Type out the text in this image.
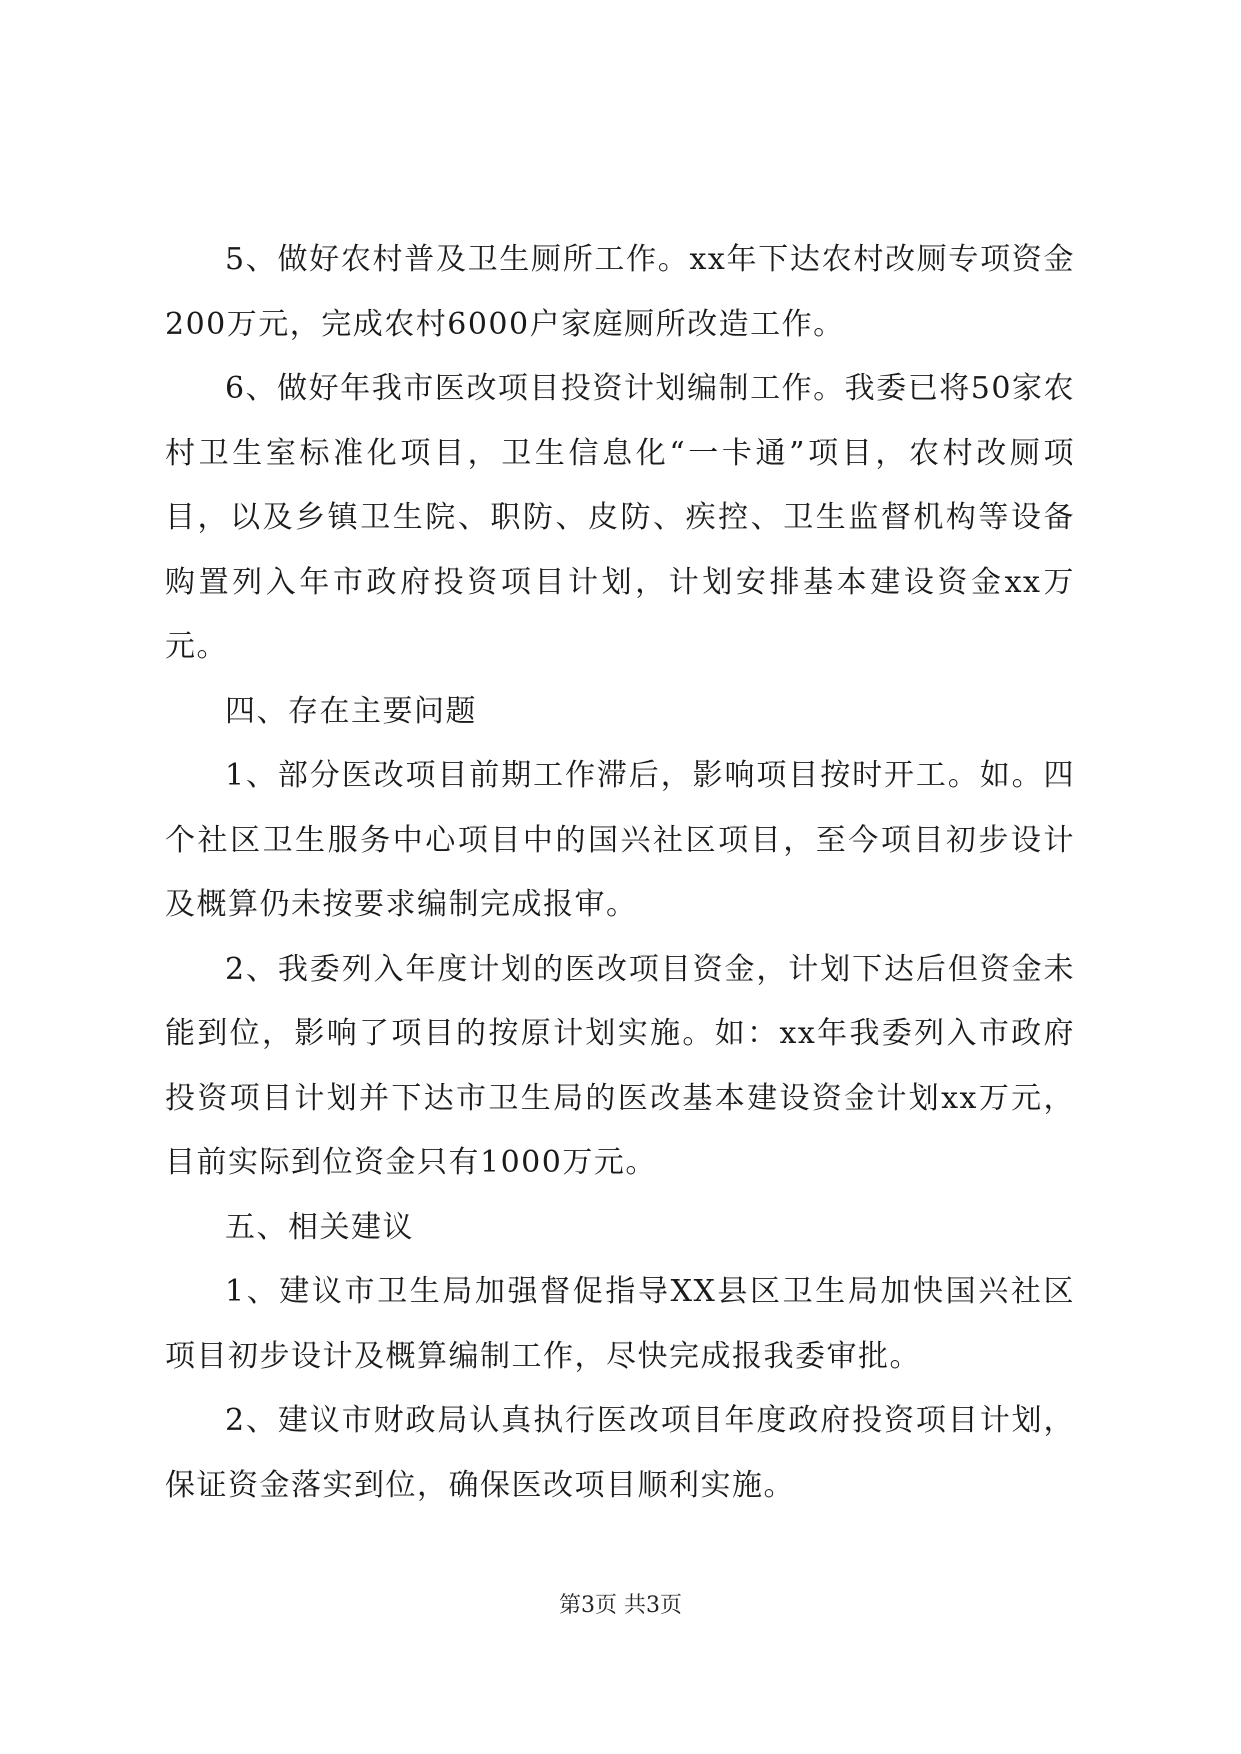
5、做好农村普及卫生厕所工作。xx年下达农村改厕专项资金200万元，完成农村6000户家庭厕所改造工作。

6、做好年我市医改项目投资计划编制工作。我委已将50家农村卫生室标准化项目，卫生信息化“一卡通”项目，农村改厕项目，以及乡镇卫生院、职防、皮防、疾控、卫生监督机构等设备购置列入年市政府投资项目计划，计划安排基本建设资金xx万元。

四、存在主要问题

1、部分医改项目前期工作滞后，影响项目按时开工。如。四个社区卫生服务中心项目中的国兴社区项目，至今项目初步设计及概算仍未按要求编制完成报审。

2、我委列入年度计划的医改项目资金，计划下达后但资金未能到位，影响了项目的按原计划实施。如：xx年我委列入市政府投资项目计划并下达市卫生局的医改基本建设资金计划xx万元，目前实际到位资金只有1000万元。

五、相关建议

1、建议市卫生局加强督促指导XX县区卫生局加快国兴社区项目初步设计及概算编制工作，尽快完成报我委审批。

2、建议市财政局认真执行医改项目年度政府投资项目计划，保证资金落实到位，确保医改项目顺利实施。

第3页 共3页
